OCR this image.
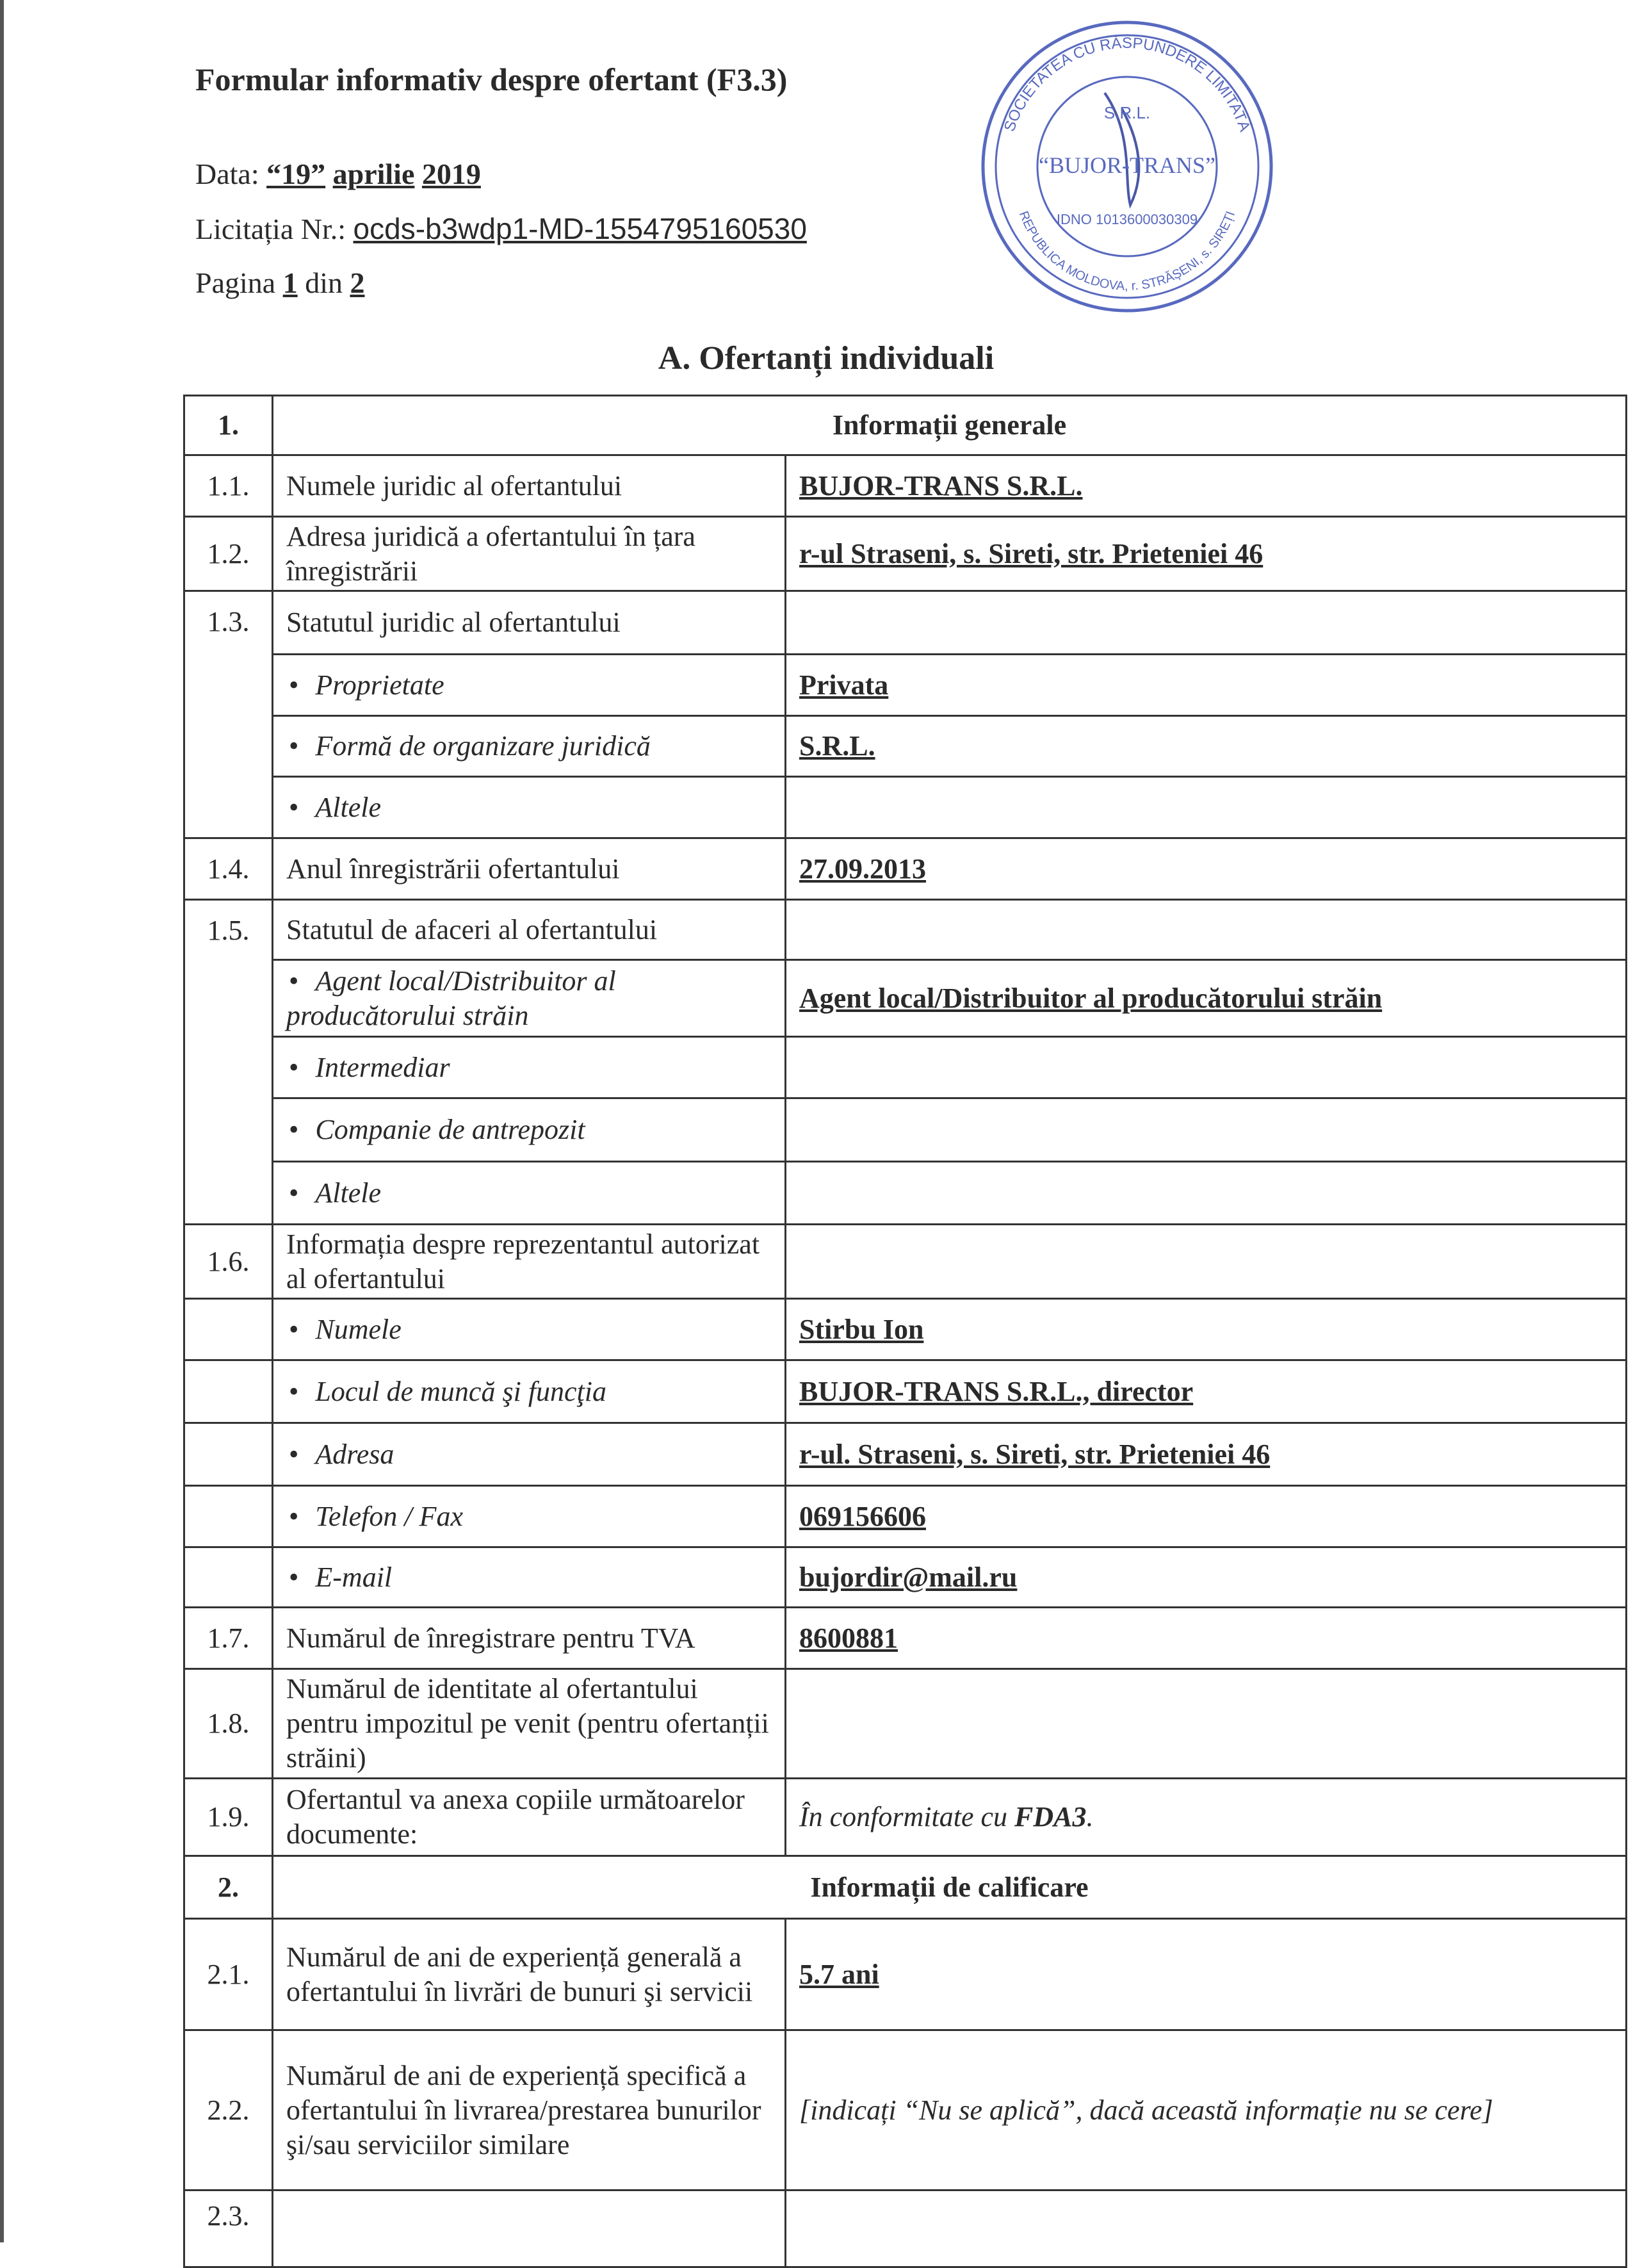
Formular informativ despre ofertant (F3.3)
Data: “19” aprilie 2019
Licitația Nr.: ocds-b3wdp1-MD-1554795160530
Pagina 1 din 2
A. Ofertanți individuali
SOCIETATEA CU RĂSPUNDERE LIMITATĂ
REPUBLICA MOLDOVA, r. STRĂȘENI, s. SIREȚI
S.R.L.
“BUJOR-TRANS”
IDNO 1013600030309
1.	Informații generale	
1.1.	Numele juridic al ofertantului	BUJOR-TRANS S.R.L.
1.2.	Adresa juridică a ofertantului în țara înregistrării	r-ul Straseni, s. Sireti, str. Prieteniei 46
1.3.	Statutul juridic al ofertantului	
	• Proprietate	Privata
	• Formă de organizare juridică	S.R.L.
	• Altele	
1.4.	Anul înregistrării ofertantului	27.09.2013
1.5.	Statutul de afaceri al ofertantului	
	• Agent local/Distribuitor al producătorului străin	Agent local/Distribuitor al producătorului străin
	• Intermediar	
	• Companie de antrepozit	
	• Altele	
1.6.	Informația despre reprezentantul autorizat al ofertantului	
	• Numele	Stirbu Ion
	• Locul de muncă şi funcţia	BUJOR-TRANS S.R.L., director
	• Adresa	r-ul. Straseni, s. Sireti, str. Prieteniei 46
	• Telefon / Fax	069156606
	• E-mail	bujordir@mail.ru
1.7.	Numărul de înregistrare pentru TVA	8600881
1.8.	Numărul de identitate al ofertantului pentru impozitul pe venit (pentru ofertanții străini)	
1.9.	Ofertantul va anexa copiile următoarelor documente:	În conformitate cu FDA3.
2.	Informații de calificare	
2.1.	Numărul de ani de experiență generală a ofertantului în livrări de bunuri şi servicii	5.7 ani
2.2.	Numărul de ani de experiență specifică a ofertantului în livrarea/prestarea bunurilor şi/sau serviciilor similare	[indicați “Nu se aplică”, dacă această informație nu se cere]
2.3.		
